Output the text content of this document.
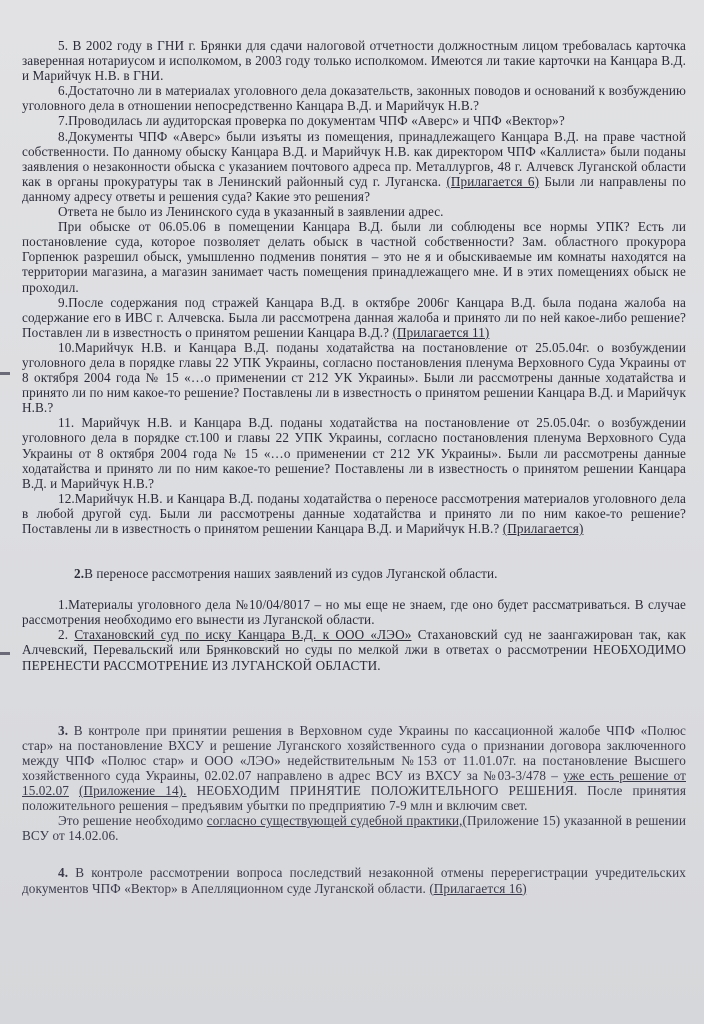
5. В 2002 году в ГНИ г. Брянки для сдачи налоговой отчетности должностным лицом требовалась карточка заверенная нотариусом и исполкомом, в 2003 году только исполкомом. Имеются ли такие карточки на Канцара В.Д. и Марийчук Н.В. в ГНИ.

6.Достаточно ли в материалах уголовного дела доказательств, законных поводов и оснований к возбуждению уголовного дела в отношении непосредственно Канцара В.Д. и Марийчук Н.В.?

7.Проводилась ли аудиторская проверка по документам ЧПФ «Аверс» и ЧПФ «Вектор»?

8.Документы ЧПФ «Аверс» были изъяты из помещения, принадлежащего Канцара В.Д. на праве частной собственности. По данному обыску Канцара В.Д. и Марийчук Н.В. как директором ЧПФ «Каллиста» были поданы заявления о незаконности обыска с указанием почтового адреса пр. Металлургов, 48 г. Алчевск Луганской области как в органы прокуратуры так в Ленинский районный суд г. Луганска. (Прилагается 6) Были ли направлены по данному адресу ответы и решения суда? Какие это решения?

Ответа не было из Ленинского суда в указанный в заявлении адрес.

При обыске от 06.05.06 в помещении Канцара В.Д. были ли соблюдены все нормы УПК? Есть ли постановление суда, которое позволяет делать обыск в частной собственности? Зам. областного прокурора Горпенюк разрешил обыск, умышленно подменив понятия – это не я и обыскиваемые им комнаты находятся на территории магазина, а магазин занимает часть помещения принадлежащего мне. И в этих помещениях обыск не проходил.

9.После содержания под стражей Канцара В.Д. в октябре 2006г Канцара В.Д. была подана жалоба на содержание его в ИВС г. Алчевска. Была ли рассмотрена данная жалоба и принято ли по ней какое-либо решение? Поставлен ли в известность о принятом решении Канцара В.Д.? (Прилагается 11)

10.Марийчук Н.В. и Канцара В.Д. поданы ходатайства на постановление от 25.05.04г. о возбуждении уголовного дела в порядке главы 22 УПК Украины, согласно постановления пленума Верховного Суда Украины от 8 октября 2004 года № 15 «…о применении ст 212 УК Украины». Были ли рассмотрены данные ходатайства и принято ли по ним какое-то решение? Поставлены ли в известность о принятом решении Канцара В.Д. и Марийчук Н.В.?

11. Марийчук Н.В. и Канцара В.Д. поданы ходатайства на постановление от 25.05.04г. о возбуждении уголовного дела в порядке ст.100 и главы 22 УПК Украины, согласно постановления пленума Верховного Суда Украины от 8 октября 2004 года № 15 «…о применении ст 212 УК Украины». Были ли рассмотрены данные ходатайства и принято ли по ним какое-то решение? Поставлены ли в известность о принятом решении Канцара В.Д. и Марийчук Н.В.?

12.Марийчук Н.В. и Канцара В.Д. поданы ходатайства о переносе рассмотрения материалов уголовного дела в любой другой суд. Были ли рассмотрены данные ходатайства и принято ли по ним какое-то решение? Поставлены ли в известность о принятом решении Канцара В.Д. и Марийчук Н.В.? (Прилагается)

2.В переносе рассмотрения наших заявлений из судов Луганской области.

1.Материалы уголовного дела №10/04/8017 – но мы еще не знаем, где оно будет рассматриваться. В случае рассмотрения необходимо его вынести из Луганской области.

2. Стахановский суд по иску Канцара В.Д. к ООО «ЛЭО» Стахановский суд не заангажирован так, как Алчевский, Перевальский или Брянковский но суды по мелкой лжи в ответах о рассмотрении НЕОБХОДИМО ПЕРЕНЕСТИ РАССМОТРЕНИЕ ИЗ ЛУГАНСКОЙ ОБЛАСТИ.

3. В контроле при принятии решения в Верховном суде Украины по кассационной жалобе ЧПФ «Полюс стар» на постановление ВХСУ и решение Луганского хозяйственного суда о признании договора заключенного между ЧПФ «Полюс стар» и ООО «ЛЭО» недействительным №153 от 11.01.07г. на постановление Высшего хозяйственного суда Украины, 02.02.07 направлено в адрес ВСУ из ВХСУ за №03-3/478 – уже есть решение от 15.02.07 (Приложение 14). НЕОБХОДИМ ПРИНЯТИЕ ПОЛОЖИТЕЛЬНОГО РЕШЕНИЯ. После принятия положительного решения – предъявим убытки по предприятию 7-9 млн и включим свет.

Это решение необходимо согласно существующей судебной практики,(Приложение 15) указанной в решении ВСУ от 14.02.06.

4. В контроле рассмотрении вопроса последствий незаконной отмены перерегистрации учредительских документов ЧПФ «Вектор» в Апелляционном суде Луганской области. (Прилагается 16)
